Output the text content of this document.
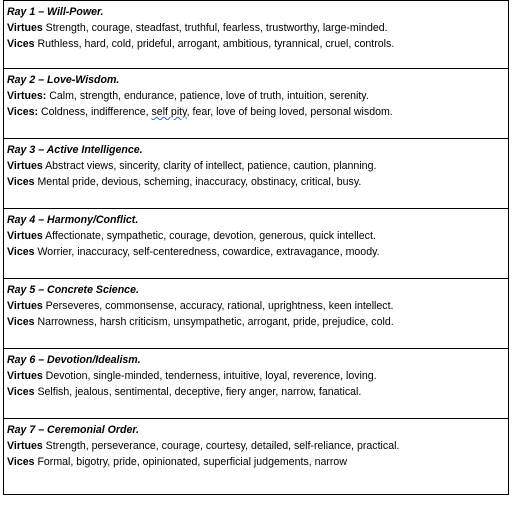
Ray 1 – Will-Power.
Virtues Strength, courage, steadfast, truthful, fearless, trustworthy, large-minded.
Vices Ruthless, hard, cold, prideful, arrogant, ambitious, tyrannical, cruel, controls.

Ray 2 – Love-Wisdom.
Virtues: Calm, strength, endurance, patience, love of truth, intuition, serenity.
Vices: Coldness, indifference, self pity, fear, love of being loved, personal wisdom.

Ray 3 – Active Intelligence.
Virtues Abstract views, sincerity, clarity of intellect, patience, caution, planning.
Vices Mental pride, devious, scheming, inaccuracy, obstinacy, critical, busy.

Ray 4 – Harmony/Conflict.
Virtues Affectionate, sympathetic, courage, devotion, generous, quick intellect.
Vices Worrier, inaccuracy, self-centeredness, cowardice, extravagance, moody.

Ray 5 – Concrete Science.
Virtues Perseveres, commonsense, accuracy, rational, uprightness, keen intellect.
Vices Narrowness, harsh criticism, unsympathetic, arrogant, pride, prejudice, cold.

Ray 6 – Devotion/Idealism.
Virtues Devotion, single-minded, tenderness, intuitive, loyal, reverence, loving.
Vices Selfish, jealous, sentimental, deceptive, fiery anger, narrow, fanatical.

Ray 7 – Ceremonial Order.
Virtues Strength, perseverance, courage, courtesy, detailed, self-reliance, practical.
Vices Formal, bigotry, pride, opinionated, superficial judgements, narrow
